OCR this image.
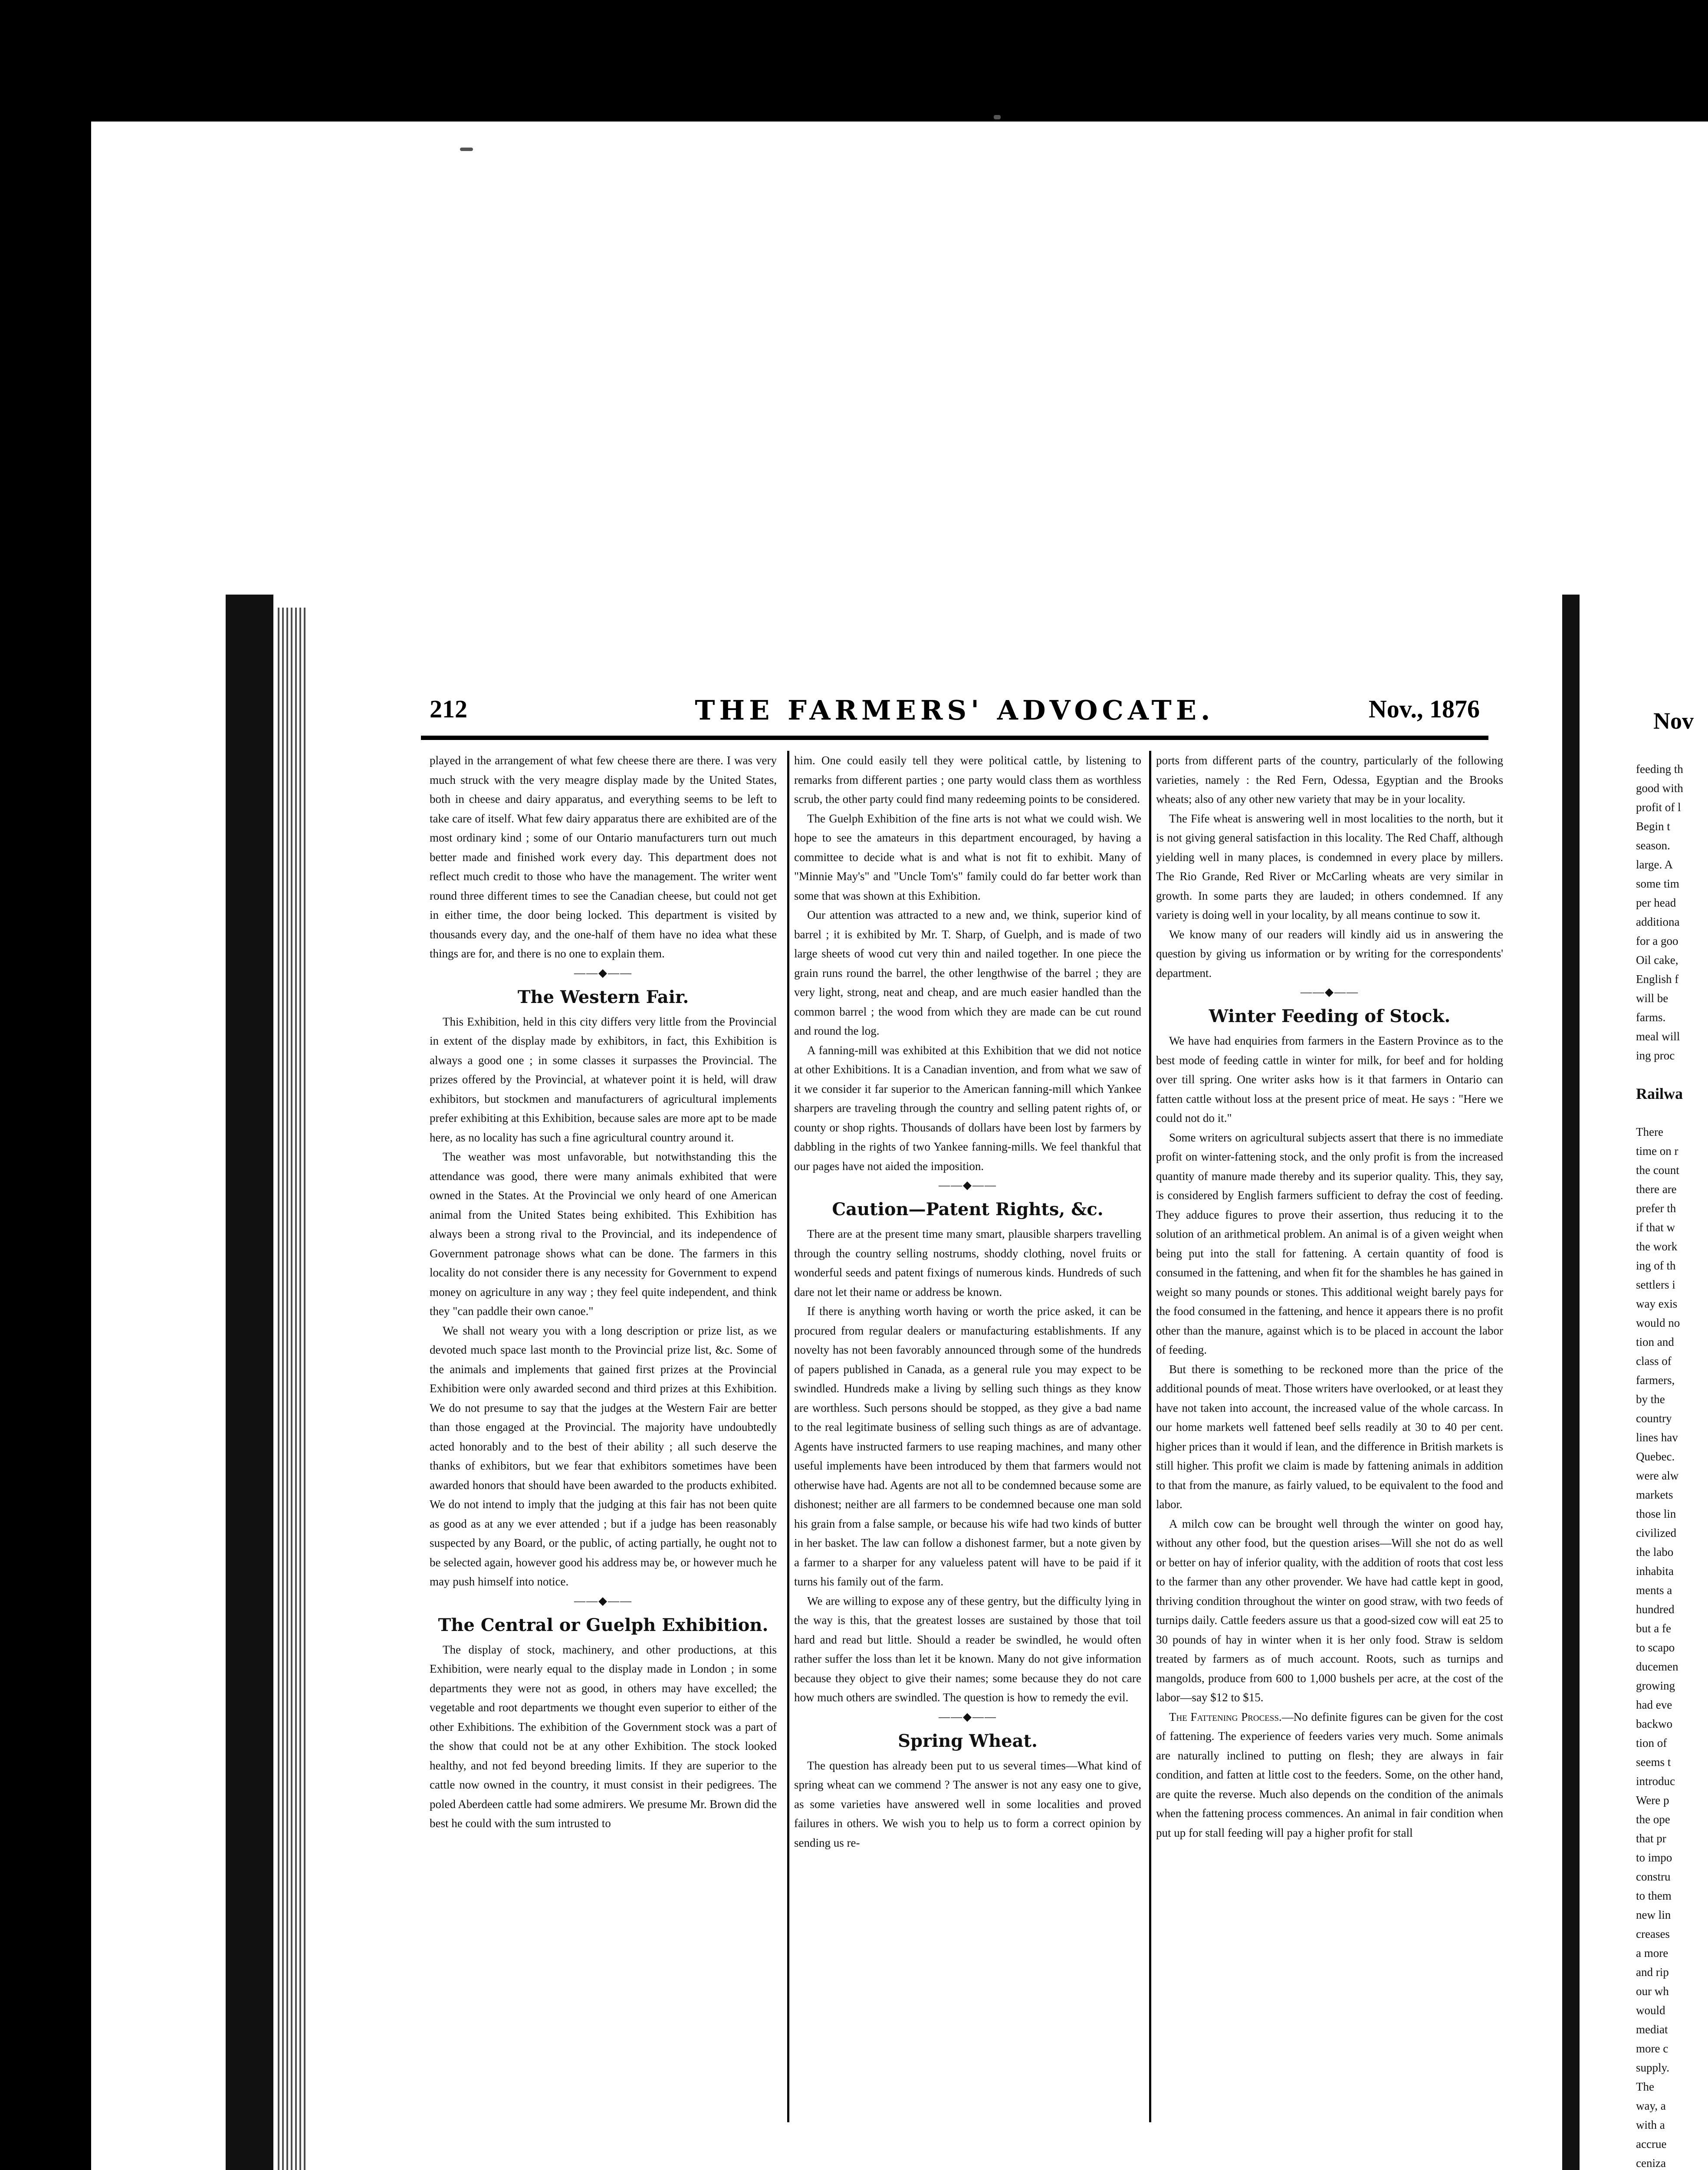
212	THE FARMERS' ADVOCATE.	Nov., 1876

played in the arrangement of what few cheese there are there. I was very much struck with the very meagre display made by the United States, both in cheese and dairy apparatus, and everything seems to be left to take care of itself. What few dairy apparatus there are exhibited are of the most ordinary kind ; some of our Ontario manufacturers turn out much better made and finished work every day. This department does not reflect much credit to those who have the management. The writer went round three different times to see the Canadian cheese, but could not get in either time, the door being locked. This department is visited by thousands every day, and the one-half of them have no idea what these things are for, and there is no one to explain them.

——◆——
The Western Fair.

This Exhibition, held in this city differs very little from the Provincial in extent of the display made by exhibitors, in fact, this Exhibition is always a good one ; in some classes it surpasses the Provincial. The prizes offered by the Provincial, at whatever point it is held, will draw exhibitors, but stockmen and manufacturers of agricultural implements prefer exhibiting at this Exhibition, because sales are more apt to be made here, as no locality has such a fine agricultural country around it.

The weather was most unfavorable, but notwithstanding this the attendance was good, there were many animals exhibited that were owned in the States. At the Provincial we only heard of one American animal from the United States being exhibited. This Exhibition has always been a strong rival to the Provincial, and its independence of Government patronage shows what can be done. The farmers in this locality do not consider there is any necessity for Government to expend money on agriculture in any way ; they feel quite independent, and think they "can paddle their own canoe."

We shall not weary you with a long description or prize list, as we devoted much space last month to the Provincial prize list, &c. Some of the animals and implements that gained first prizes at the Provincial Exhibition were only awarded second and third prizes at this Exhibition. We do not presume to say that the judges at the Western Fair are better than those engaged at the Provincial. The majority have undoubtedly acted honorably and to the best of their ability ; all such deserve the thanks of exhibitors, but we fear that exhibitors sometimes have been awarded honors that should have been awarded to the products exhibited. We do not intend to imply that the judging at this fair has not been quite as good as at any we ever attended ; but if a judge has been reasonably suspected by any Board, or the public, of acting partially, he ought not to be selected again, however good his address may be, or however much he may push himself into notice.

——◆——
The Central or Guelph Exhibition.

The display of stock, machinery, and other productions, at this Exhibition, were nearly equal to the display made in London ; in some departments they were not as good, in others may have excelled; the vegetable and root departments we thought even superior to either of the other Exhibitions. The exhibition of the Government stock was a part of the show that could not be at any other Exhibition. The stock looked healthy, and not fed beyond breeding limits. If they are superior to the cattle now owned in the country, it must consist in their pedigrees. The poled Aberdeen cattle had some admirers. We presume Mr. Brown did the best he could with the sum intrusted to

him. One could easily tell they were political cattle, by listening to remarks from different parties ; one party would class them as worthless scrub, the other party could find many redeeming points to be considered.

The Guelph Exhibition of the fine arts is not what we could wish. We hope to see the amateurs in this department encouraged, by having a committee to decide what is and what is not fit to exhibit. Many of "Minnie May's" and "Uncle Tom's" family could do far better work than some that was shown at this Exhibition.

Our attention was attracted to a new and, we think, superior kind of barrel ; it is exhibited by Mr. T. Sharp, of Guelph, and is made of two large sheets of wood cut very thin and nailed together. In one piece the grain runs round the barrel, the other lengthwise of the barrel ; they are very light, strong, neat and cheap, and are much easier handled than the common barrel ; the wood from which they are made can be cut round and round the log.

A fanning-mill was exhibited at this Exhibition that we did not notice at other Exhibitions. It is a Canadian invention, and from what we saw of it we consider it far superior to the American fanning-mill which Yankee sharpers are traveling through the country and selling patent rights of, or county or shop rights. Thousands of dollars have been lost by farmers by dabbling in the rights of two Yankee fanning-mills. We feel thankful that our pages have not aided the imposition.

——◆——
Caution—Patent Rights, &c.

There are at the present time many smart, plausible sharpers travelling through the country selling nostrums, shoddy clothing, novel fruits or wonderful seeds and patent fixings of numerous kinds. Hundreds of such dare not let their name or address be known.

If there is anything worth having or worth the price asked, it can be procured from regular dealers or manufacturing establishments. If any novelty has not been favorably announced through some of the hundreds of papers published in Canada, as a general rule you may expect to be swindled. Hundreds make a living by selling such things as they know are worthless. Such persons should be stopped, as they give a bad name to the real legitimate business of selling such things as are of advantage. Agents have instructed farmers to use reaping machines, and many other useful implements have been introduced by them that farmers would not otherwise have had. Agents are not all to be condemned because some are dishonest; neither are all farmers to be condemned because one man sold his grain from a false sample, or because his wife had two kinds of butter in her basket. The law can follow a dishonest farmer, but a note given by a farmer to a sharper for any valueless patent will have to be paid if it turns his family out of the farm.

We are willing to expose any of these gentry, but the difficulty lying in the way is this, that the greatest losses are sustained by those that toil hard and read but little. Should a reader be swindled, he would often rather suffer the loss than let it be known. Many do not give information because they object to give their names; some because they do not care how much others are swindled. The question is how to remedy the evil.

——◆——
Spring Wheat.

The question has already been put to us several times—What kind of spring wheat can we commend ? The answer is not any easy one to give, as some varieties have answered well in some localities and proved failures in others. We wish you to help us to form a correct opinion by sending us re-

ports from different parts of the country, particularly of the following varieties, namely : the Red Fern, Odessa, Egyptian and the Brooks wheats; also of any other new variety that may be in your locality.

The Fife wheat is answering well in most localities to the north, but it is not giving general satisfaction in this locality. The Red Chaff, although yielding well in many places, is condemned in every place by millers. The Rio Grande, Red River or McCarling wheats are very similar in growth. In some parts they are lauded; in others condemned. If any variety is doing well in your locality, by all means continue to sow it.

We know many of our readers will kindly aid us in answering the question by giving us information or by writing for the correspondents' department.

——◆——
Winter Feeding of Stock.

We have had enquiries from farmers in the Eastern Province as to the best mode of feeding cattle in winter for milk, for beef and for holding over till spring. One writer asks how is it that farmers in Ontario can fatten cattle without loss at the present price of meat. He says : "Here we could not do it."

Some writers on agricultural subjects assert that there is no immediate profit on winter-fattening stock, and the only profit is from the increased quantity of manure made thereby and its superior quality. This, they say, is considered by English farmers sufficient to defray the cost of feeding. They adduce figures to prove their assertion, thus reducing it to the solution of an arithmetical problem. An animal is of a given weight when being put into the stall for fattening. A certain quantity of food is consumed in the fattening, and when fit for the shambles he has gained in weight so many pounds or stones. This additional weight barely pays for the food consumed in the fattening, and hence it appears there is no profit other than the manure, against which is to be placed in account the labor of feeding.

But there is something to be reckoned more than the price of the additional pounds of meat. Those writers have overlooked, or at least they have not taken into account, the increased value of the whole carcass. In our home markets well fattened beef sells readily at 30 to 40 per cent. higher prices than it would if lean, and the difference in British markets is still higher. This profit we claim is made by fattening animals in addition to that from the manure, as fairly valued, to be equivalent to the food and labor.

A milch cow can be brought well through the winter on good hay, without any other food, but the question arises—Will she not do as well or better on hay of inferior quality, with the addition of roots that cost less to the farmer than any other provender. We have had cattle kept in good, thriving condition throughout the winter on good straw, with two feeds of turnips daily. Cattle feeders assure us that a good-sized cow will eat 25 to 30 pounds of hay in winter when it is her only food. Straw is seldom treated by farmers as of much account. Roots, such as turnips and mangolds, produce from 600 to 1,000 bushels per acre, at the cost of the labor—say $12 to $15.

The Fattening Process.—No definite figures can be given for the cost of fattening. The experience of feeders varies very much. Some animals are naturally inclined to putting on flesh; they are always in fair condition, and fatten at little cost to the feeders. Some, on the other hand, are quite the reverse. Much also depends on the condition of the animals when the fattening process commences. An animal in fair condition when put up for stall feeding will pay a higher profit for stall

Nov
feeding th
good with
profit of l
Begin t
season.
large. A
some tim
per head
additiona
for a goo
Oil cake,
English f
will be
farms.
meal will
ing proc

Railwa

There
time on r
the count
there are
prefer th
if that w
the work
ing of th
settlers i
way exis
would no
tion and
class of
farmers,
by the
country
lines hav
Quebec.
were alw
markets
those lin
civilized
the labo
inhabita
ments a
hundred
but a fe
to scapo
ducemen
growing
had eve
backwo
tion of
seems t
introduc
Were p
the ope
that pr
to impo
constru
to them
new lin
creases
a more
and rip
our wh
would
mediat
more c
supply.
The
way, a
with a
accrue
ceniza
